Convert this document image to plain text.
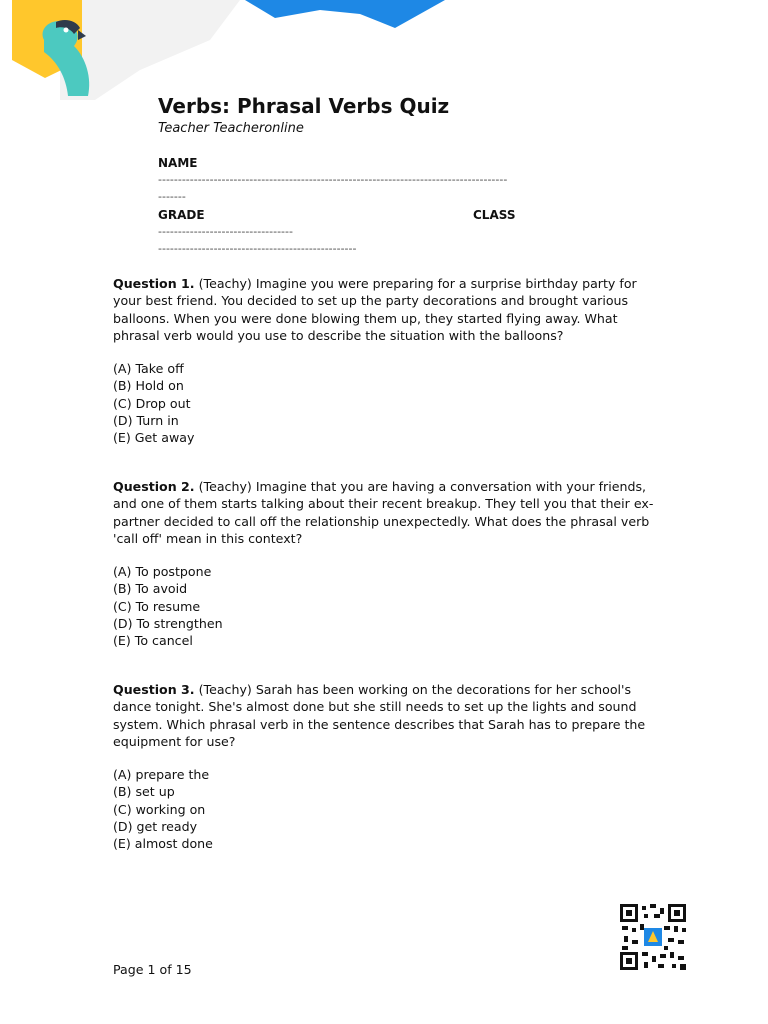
Verbs: Phrasal Verbs Quiz
Teacher Teacheronline
NAME
----------------------------------------------------------------------------------------
-------
GRADE
----------------------------------
--------------------------------------------------
CLASS

Question 1. (Teachy) Imagine you were preparing for a surprise birthday party for your best friend. You decided to set up the party decorations and brought various balloons. When you were done blowing them up, they started flying away. What phrasal verb would you use to describe the situation with the balloons?

(A) Take off
(B) Hold on
(C) Drop out
(D) Turn in
(E) Get away

Question 2. (Teachy) Imagine that you are having a conversation with your friends, and one of them starts talking about their recent breakup. They tell you that their ex-partner decided to call off the relationship unexpectedly. What does the phrasal verb 'call off' mean in this context?

(A) To postpone
(B) To avoid
(C) To resume
(D) To strengthen
(E) To cancel

Question 3. (Teachy) Sarah has been working on the decorations for her school's dance tonight. She's almost done but she still needs to set up the lights and sound system. Which phrasal verb in the sentence describes that Sarah has to prepare the equipment for use?

(A) prepare the
(B) set up
(C) working on
(D) get ready
(E) almost done
Page 1 of 15
